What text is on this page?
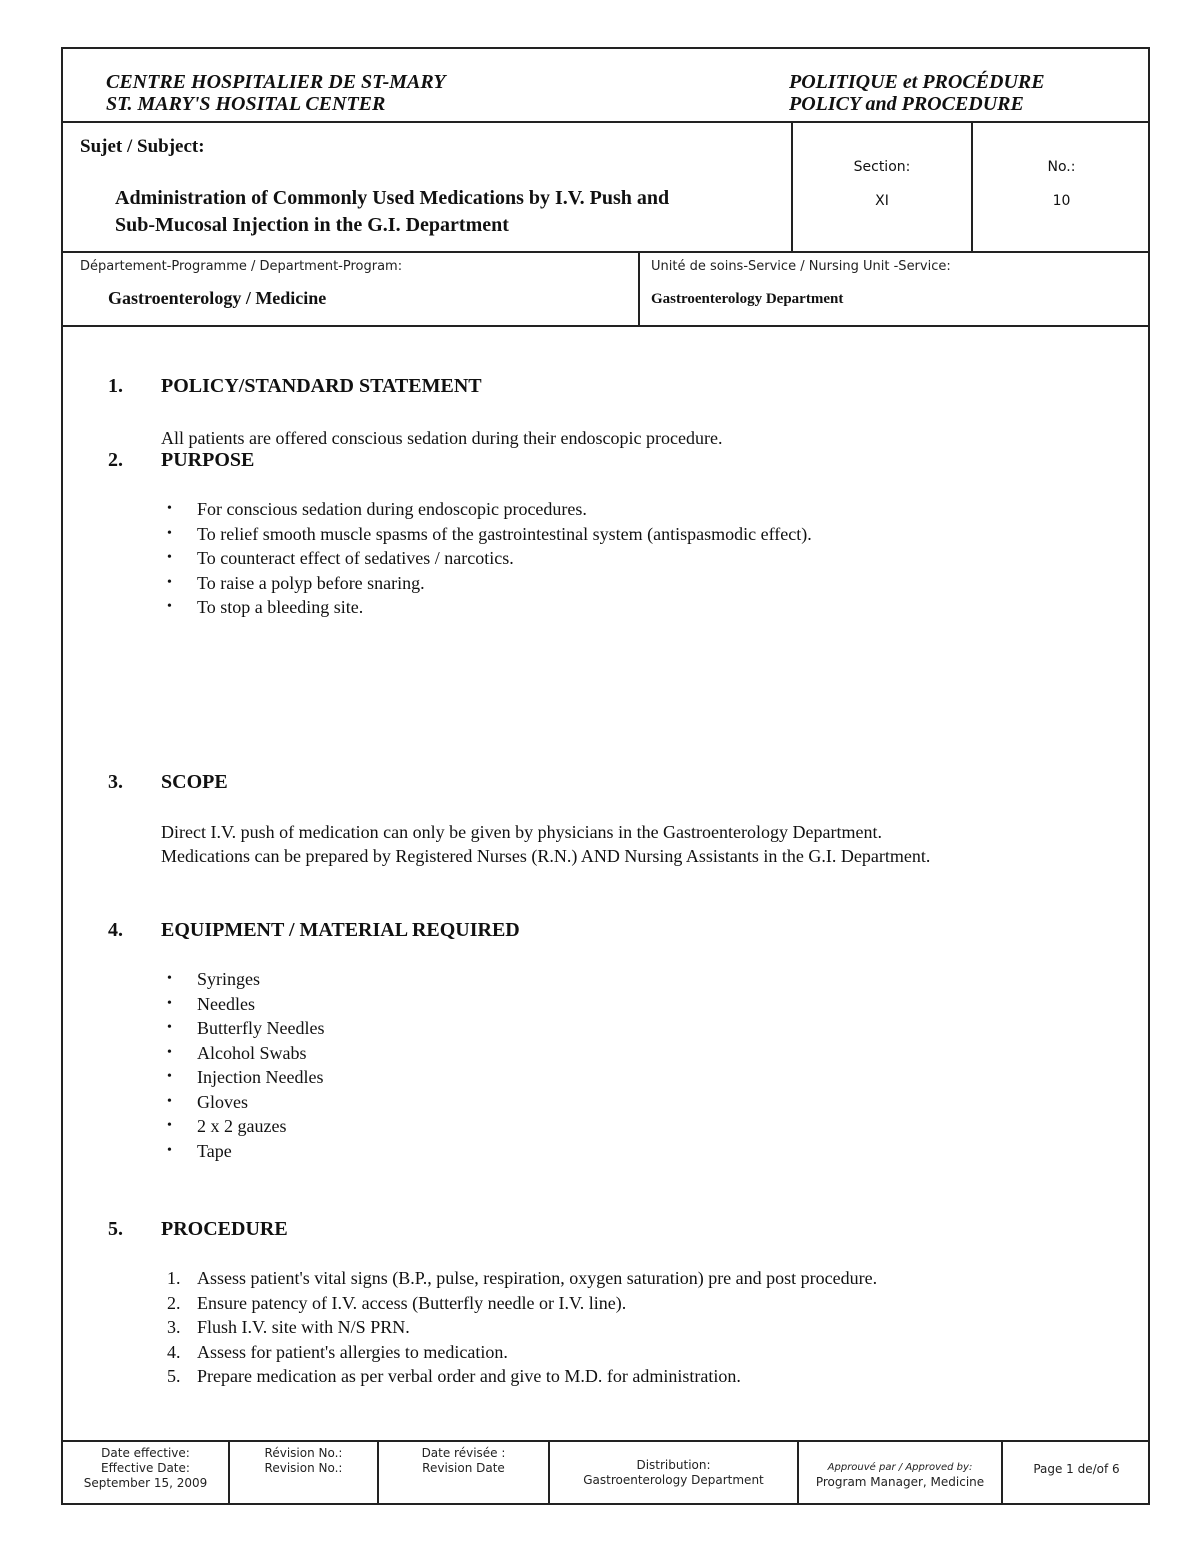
CENTRE HOSPITALIER DE ST-MARY
ST. MARY'S HOSITAL CENTER
POLITIQUE et PROCÉDURE
POLICY and PROCEDURE
Sujet / Subject:
Administration of Commonly Used Medications by I.V. Push and
Sub-Mucosal Injection in the G.I. Department
Section:
XI
No.:
10
Département-Programme / Department-Program:
Gastroenterology / Medicine
Unité de soins-Service / Nursing Unit -Service:
Gastroenterology Department
1. POLICY/STANDARD STATEMENT
All patients are offered conscious sedation during their endoscopic procedure.
2. PURPOSE
• For conscious sedation during endoscopic procedures.
• To relief smooth muscle spasms of the gastrointestinal system (antispasmodic effect).
• To counteract effect of sedatives / narcotics.
• To raise a polyp before snaring.
• To stop a bleeding site.
3. SCOPE
Direct I.V. push of medication can only be given by physicians in the Gastroenterology Department.
Medications can be prepared by Registered Nurses (R.N.) AND Nursing Assistants in the G.I. Department.
4. EQUIPMENT / MATERIAL REQUIRED
• Syringes
• Needles
• Butterfly Needles
• Alcohol Swabs
• Injection Needles
• Gloves
• 2 x 2 gauzes
• Tape
5. PROCEDURE
1. Assess patient's vital signs (B.P., pulse, respiration, oxygen saturation) pre and post procedure.
2. Ensure patency of I.V. access (Butterfly needle or I.V. line).
3. Flush I.V. site with N/S PRN.
4. Assess for patient's allergies to medication.
5. Prepare medication as per verbal order and give to M.D. for administration.
Date effective:
Effective Date:
September 15, 2009
Révision No.:
Revision No.:
Date révisée :
Revision Date	Distribution:
Gastroenterology Department
Approuvé par / Approved by:
Program Manager, Medicine
Page 1 de/of 6
